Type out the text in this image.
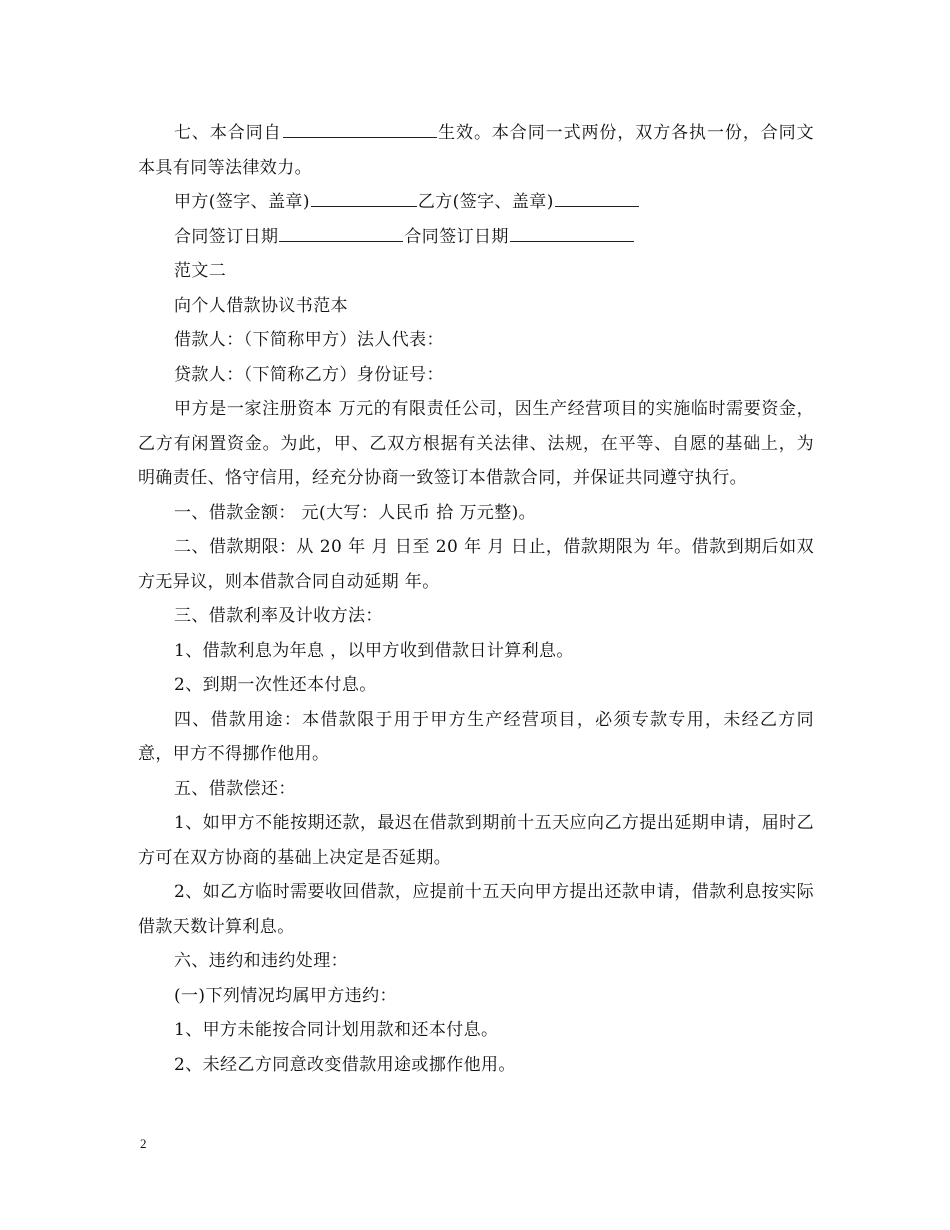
七、本合同自	生效。本合同一式两份，双方各执一份，合同文本具有同等法律效力。
甲方(签字、盖章)	乙方(签字、盖章)
合同签订日期	合同签订日期
范文二
向个人借款协议书范本
借款人：（下简称甲方）法人代表：
贷款人：（下简称乙方）身份证号：
甲方是一家注册资本 万元的有限责任公司，因生产经营项目的实施临时需要资金，乙方有闲置资金。为此，甲、乙双方根据有关法律、法规，在平等、自愿的基础上，为明确责任、恪守信用，经充分协商一致签订本借款合同，并保证共同遵守执行。
一、借款金额： 元(大写：人民币 拾 万元整)。
二、借款期限：从 20 年 月 日至 20 年 月 日止，借款期限为 年。借款到期后如双方无异议，则本借款合同自动延期 年。
三、借款利率及计收方法：
1、借款利息为年息 ，以甲方收到借款日计算利息。
2、到期一次性还本付息。
四、借款用途：本借款限于用于甲方生产经营项目，必须专款专用，未经乙方同意，甲方不得挪作他用。
五、借款偿还：
1、如甲方不能按期还款，最迟在借款到期前十五天应向乙方提出延期申请，届时乙方可在双方协商的基础上决定是否延期。
2、如乙方临时需要收回借款，应提前十五天向甲方提出还款申请，借款利息按实际借款天数计算利息。
六、违约和违约处理：
(一)下列情况均属甲方违约：
1、甲方未能按合同计划用款和还本付息。
2、未经乙方同意改变借款用途或挪作他用。
2
